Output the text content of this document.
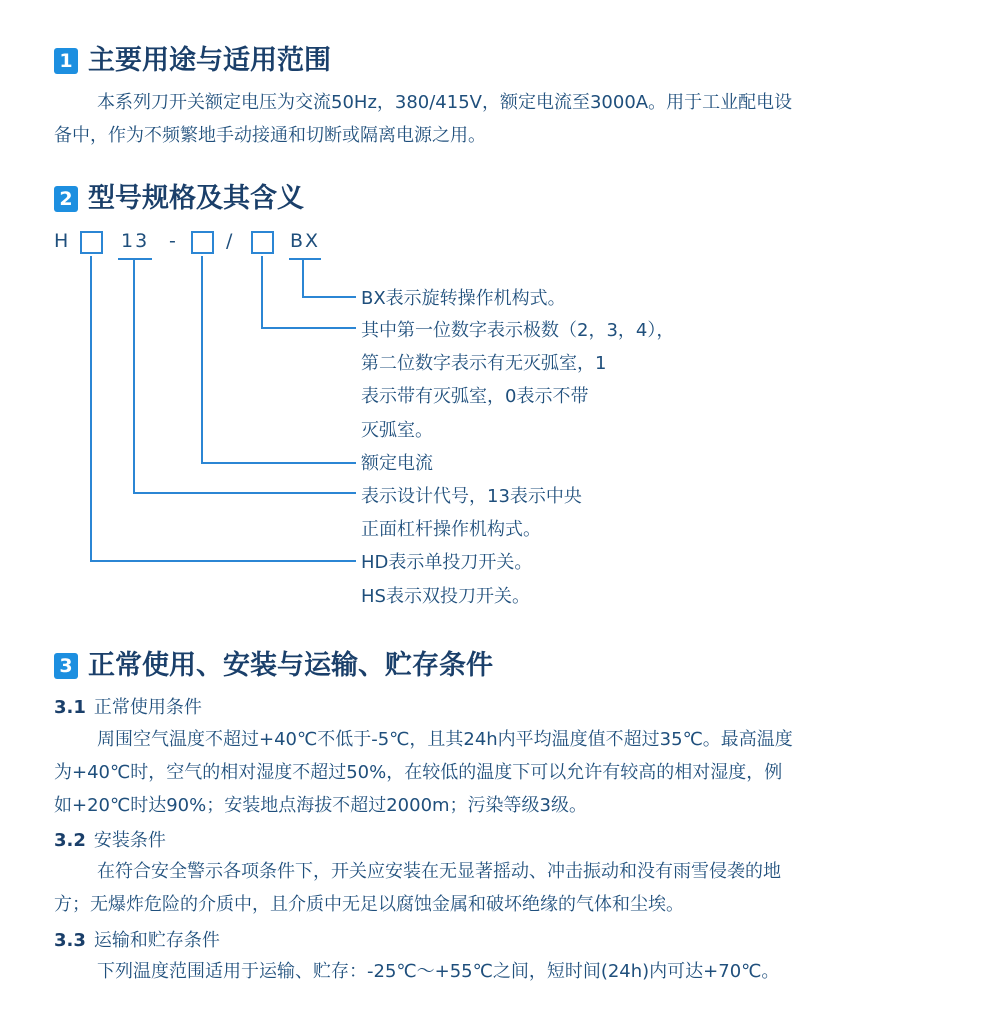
1 主要用途与适用范围
本系列刀开关额定电压为交流50Hz，380/415V，额定电流至3000A。用于工业配电设
备中，作为不频繁地手动接通和切断或隔离电源之用。
2 型号规格及其含义
H	13 -	/	BX
BX表示旋转操作机构式。
其中第一位数字表示极数（2，3，4），
第二位数字表示有无灭弧室，1
表示带有灭弧室，0表示不带
灭弧室。
额定电流
表示设计代号，13表示中央
正面杠杆操作机构式。
HD表示单投刀开关。
HS表示双投刀开关。
3 正常使用、安装与运输、贮存条件
3.1 正常使用条件
周围空气温度不超过+40℃不低于-5℃，且其24h内平均温度值不超过35℃。最高温度
为+40℃时，空气的相对湿度不超过50%，在较低的温度下可以允许有较高的相对湿度，例
如+20℃时达90%；安装地点海拔不超过2000m；污染等级3级。
3.2 安装条件
在符合安全警示各项条件下，开关应安装在无显著摇动、冲击振动和没有雨雪侵袭的地
方；无爆炸危险的介质中，且介质中无足以腐蚀金属和破坏绝缘的气体和尘埃。
3.3 运输和贮存条件
下列温度范围适用于运输、贮存：-25℃～+55℃之间，短时间(24h)内可达+70℃。
